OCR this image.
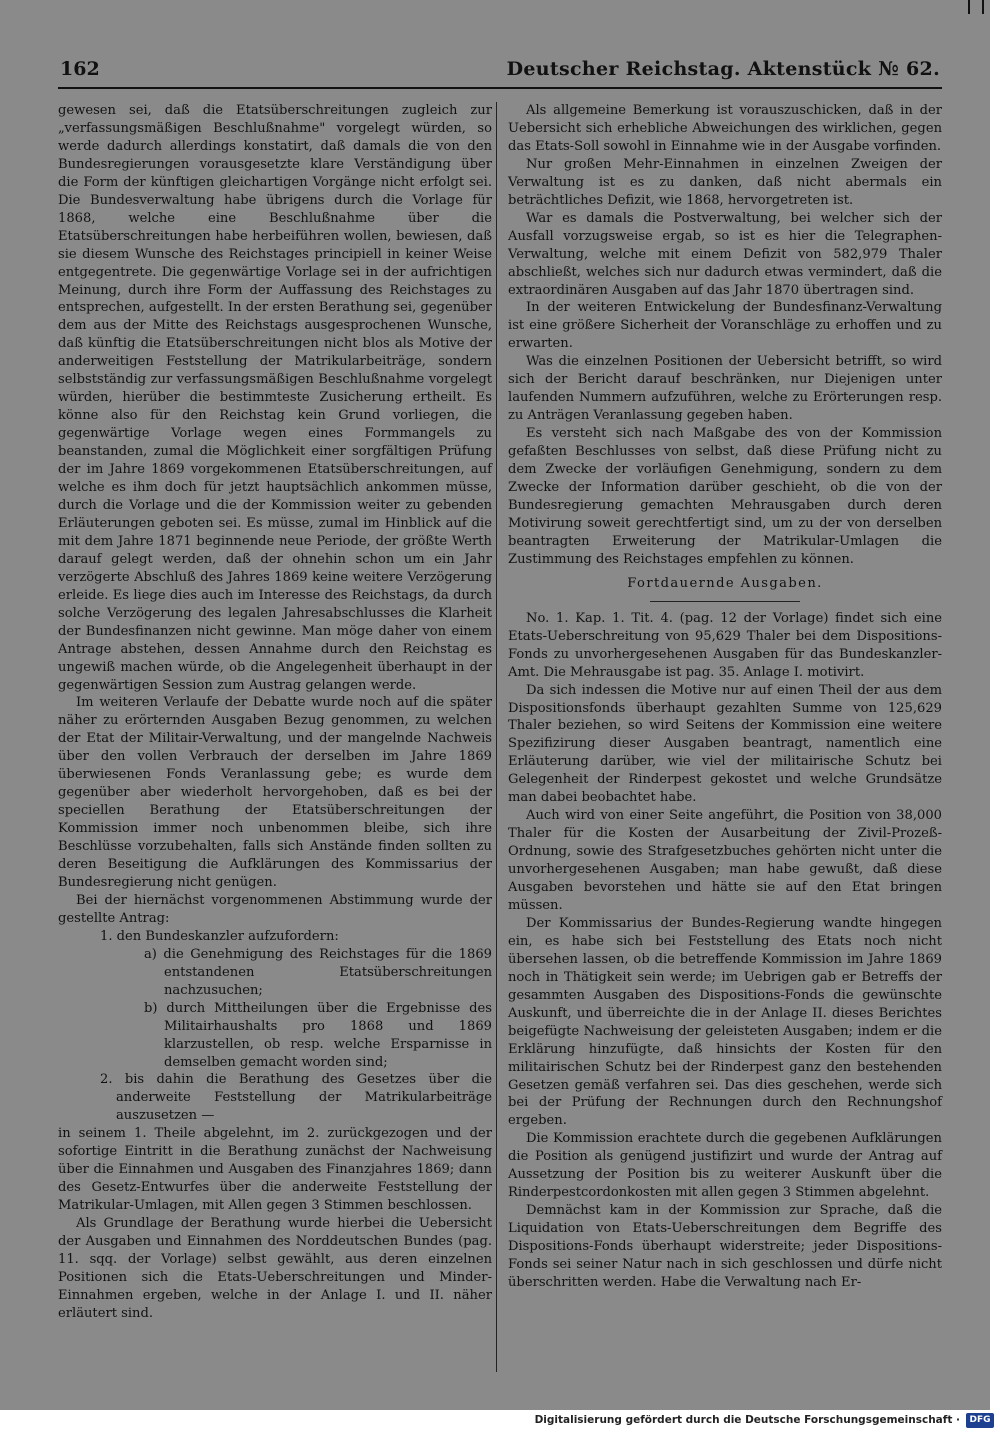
162	Deutscher Reichstag. Aktenstück № 62.

gewesen sei, daß die Etatsüberschreitungen zugleich zur „verfassungsmäßigen Beschlußnahme" vorgelegt würden, so werde dadurch allerdings konstatirt, daß damals die von den Bundesregierungen vorausgesetzte klare Verständigung über die Form der künftigen gleichartigen Vorgänge nicht erfolgt sei. Die Bundesverwaltung habe übrigens durch die Vorlage für 1868, welche eine Beschlußnahme über die Etatsüberschreitungen habe herbeiführen wollen, bewiesen, daß sie diesem Wunsche des Reichstages principiell in keiner Weise entgegentrete. Die gegenwärtige Vorlage sei in der aufrichtigen Meinung, durch ihre Form der Auffassung des Reichstages zu entsprechen, aufgestellt. In der ersten Berathung sei, gegenüber dem aus der Mitte des Reichstags ausgesprochenen Wunsche, daß künftig die Etatsüberschreitungen nicht blos als Motive der anderweitigen Feststellung der Matrikularbeiträge, sondern selbstständig zur verfassungsmäßigen Beschlußnahme vorgelegt würden, hierüber die bestimmteste Zusicherung ertheilt. Es könne also für den Reichstag kein Grund vorliegen, die gegenwärtige Vorlage wegen eines Formmangels zu beanstanden, zumal die Möglichkeit einer sorgfältigen Prüfung der im Jahre 1869 vorgekommenen Etatsüberschreitungen, auf welche es ihm doch für jetzt hauptsächlich ankommen müsse, durch die Vorlage und die der Kommission weiter zu gebenden Erläuterungen geboten sei. Es müsse, zumal im Hinblick auf die mit dem Jahre 1871 beginnende neue Periode, der größte Werth darauf gelegt werden, daß der ohnehin schon um ein Jahr verzögerte Abschluß des Jahres 1869 keine weitere Verzögerung erleide. Es liege dies auch im Interesse des Reichstags, da durch solche Verzögerung des legalen Jahresabschlusses die Klarheit der Bundesfinanzen nicht gewinne. Man möge daher von einem Antrage abstehen, dessen Annahme durch den Reichstag es ungewiß machen würde, ob die Angelegenheit überhaupt in der gegenwärtigen Session zum Austrag gelangen werde.

Im weiteren Verlaufe der Debatte wurde noch auf die später näher zu erörternden Ausgaben Bezug genommen, zu welchen der Etat der Militair-Verwaltung, und der mangelnde Nachweis über den vollen Verbrauch der derselben im Jahre 1869 überwiesenen Fonds Veranlassung gebe; es wurde dem gegenüber aber wiederholt hervorgehoben, daß es bei der speciellen Berathung der Etatsüberschreitungen der Kommission immer noch unbenommen bleibe, sich ihre Beschlüsse vorzubehalten, falls sich Anstände finden sollten zu deren Beseitigung die Aufklärungen des Kommissarius der Bundesregierung nicht genügen.

Bei der hiernächst vorgenommenen Abstimmung wurde der gestellte Antrag:

1. den Bundeskanzler aufzufordern:

a) die Genehmigung des Reichstages für die 1869 entstandenen Etatsüberschreitungen nachzusuchen;

b) durch Mittheilungen über die Ergebnisse des Militairhaushalts pro 1868 und 1869 klarzustellen, ob resp. welche Ersparnisse in demselben gemacht worden sind;

2. bis dahin die Berathung des Gesetzes über die anderweite Feststellung der Matrikularbeiträge auszusetzen —

in seinem 1. Theile abgelehnt, im 2. zurückgezogen und der sofortige Eintritt in die Berathung zunächst der Nachweisung über die Einnahmen und Ausgaben des Finanzjahres 1869; dann des Gesetz-Entwurfes über die anderweite Feststellung der Matrikular-Umlagen, mit Allen gegen 3 Stimmen beschlossen.

Als Grundlage der Berathung wurde hierbei die Uebersicht der Ausgaben und Einnahmen des Norddeutschen Bundes (pag. 11. sqq. der Vorlage) selbst gewählt, aus deren einzelnen Positionen sich die Etats-Ueberschreitungen und Minder-Einnahmen ergeben, welche in der Anlage I. und II. näher erläutert sind.

Als allgemeine Bemerkung ist vorauszuschicken, daß in der Uebersicht sich erhebliche Abweichungen des wirklichen, gegen das Etats-Soll sowohl in Einnahme wie in der Ausgabe vorfinden.

Nur großen Mehr-Einnahmen in einzelnen Zweigen der Verwaltung ist es zu danken, daß nicht abermals ein beträchtliches Defizit, wie 1868, hervorgetreten ist.

War es damals die Postverwaltung, bei welcher sich der Ausfall vorzugsweise ergab, so ist es hier die Telegraphen-Verwaltung, welche mit einem Defizit von 582,979 Thaler abschließt, welches sich nur dadurch etwas vermindert, daß die extraordinären Ausgaben auf das Jahr 1870 übertragen sind.

In der weiteren Entwickelung der Bundesfinanz-Verwaltung ist eine größere Sicherheit der Voranschläge zu erhoffen und zu erwarten.

Was die einzelnen Positionen der Uebersicht betrifft, so wird sich der Bericht darauf beschränken, nur Diejenigen unter laufenden Nummern aufzuführen, welche zu Erörterungen resp. zu Anträgen Veranlassung gegeben haben.

Es versteht sich nach Maßgabe des von der Kommission gefaßten Beschlusses von selbst, daß diese Prüfung nicht zu dem Zwecke der vorläufigen Genehmigung, sondern zu dem Zwecke der Information darüber geschieht, ob die von der Bundesregierung gemachten Mehrausgaben durch deren Motivirung soweit gerechtfertigt sind, um zu der von derselben beantragten Erweiterung der Matrikular-Umlagen die Zustimmung des Reichstages empfehlen zu können.

Fortdauernde Ausgaben.

No. 1. Kap. 1. Tit. 4. (pag. 12 der Vorlage) findet sich eine Etats-Ueberschreitung von 95,629 Thaler bei dem Dispositions-Fonds zu unvorhergesehenen Ausgaben für das Bundeskanzler-Amt. Die Mehrausgabe ist pag. 35. Anlage I. motivirt.

Da sich indessen die Motive nur auf einen Theil der aus dem Dispositionsfonds überhaupt gezahlten Summe von 125,629 Thaler beziehen, so wird Seitens der Kommission eine weitere Spezifizirung dieser Ausgaben beantragt, namentlich eine Erläuterung darüber, wie viel der militairische Schutz bei Gelegenheit der Rinderpest gekostet und welche Grundsätze man dabei beobachtet habe.

Auch wird von einer Seite angeführt, die Position von 38,000 Thaler für die Kosten der Ausarbeitung der Zivil-Prozeß-Ordnung, sowie des Strafgesetzbuches gehörten nicht unter die unvorhergesehenen Ausgaben; man habe gewußt, daß diese Ausgaben bevorstehen und hätte sie auf den Etat bringen müssen.

Der Kommissarius der Bundes-Regierung wandte hingegen ein, es habe sich bei Feststellung des Etats noch nicht übersehen lassen, ob die betreffende Kommission im Jahre 1869 noch in Thätigkeit sein werde; im Uebrigen gab er Betreffs der gesammten Ausgaben des Dispositions-Fonds die gewünschte Auskunft, und überreichte die in der Anlage II. dieses Berichtes beigefügte Nachweisung der geleisteten Ausgaben; indem er die Erklärung hinzufügte, daß hinsichts der Kosten für den militairischen Schutz bei der Rinderpest ganz den bestehenden Gesetzen gemäß verfahren sei. Das dies geschehen, werde sich bei der Prüfung der Rechnungen durch den Rechnungshof ergeben.

Die Kommission erachtete durch die gegebenen Aufklärungen die Position als genügend justifizirt und wurde der Antrag auf Aussetzung der Position bis zu weiterer Auskunft über die Rinderpestcordonkosten mit allen gegen 3 Stimmen abgelehnt.

Demnächst kam in der Kommission zur Sprache, daß die Liquidation von Etats-Ueberschreitungen dem Begriffe des Dispositions-Fonds überhaupt widerstreite; jeder Dispositions-Fonds sei seiner Natur nach in sich geschlossen und dürfe nicht überschritten werden. Habe die Verwaltung nach Er-

Digitalisierung gefördert durch die Deutsche Forschungsgemeinschaft ·	DFG
